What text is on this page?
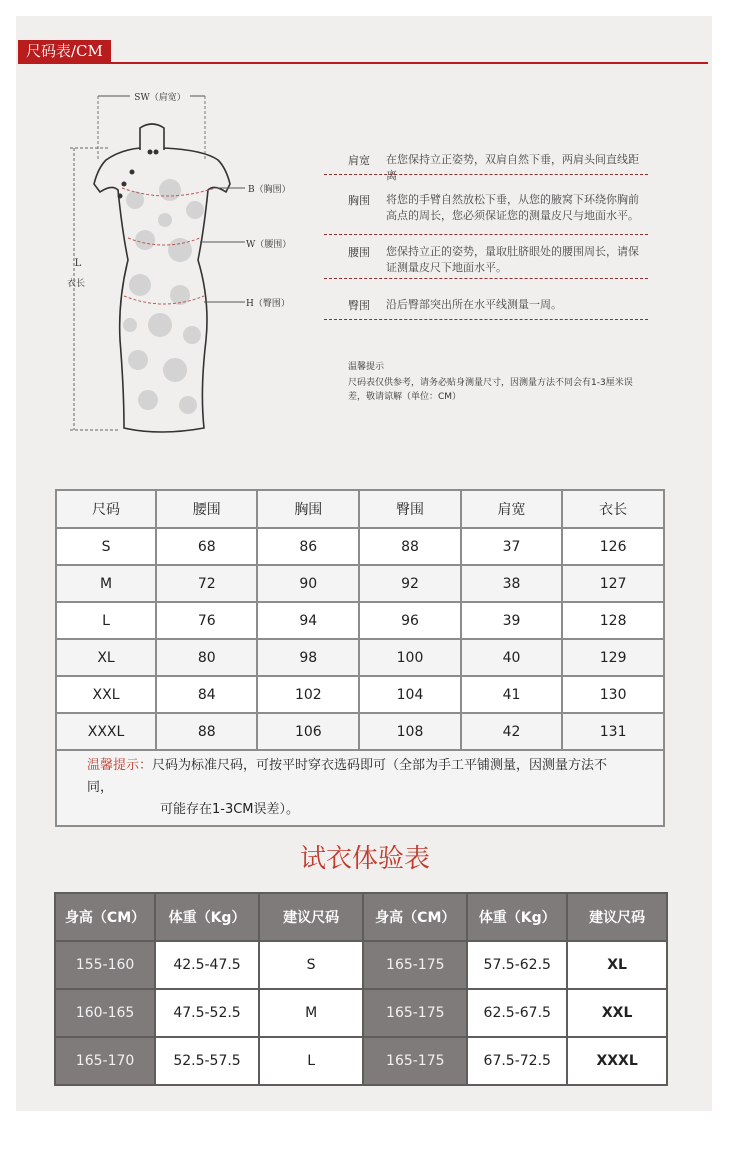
尺码表/CM
SW（肩宽）
L
衣长
B（胸围）
W（腰围）
H（臀围）
肩宽 在您保持立正姿势，双肩自然下垂，两肩头间直线距离
胸围 将您的手臂自然放松下垂，从您的腋窝下环绕你胸前高点的周长，您必须保证您的测量皮尺与地面水平。
腰围 您保持立正的姿势，量取肚脐眼处的腰围周长，请保证测量皮尺下地面水平。
臀围 沿后臀部突出所在水平线测量一周。
温馨提示
尺码表仅供参考，请务必贴身测量尺寸，因测量方法不同会有1-3厘米误差，敬请谅解（单位：CM）
尺码	腰围	胸围	臀围	肩宽	衣长
S	68	86	88	37	126
M	72	90	92	38	127
L	76	94	96	39	128
XL	80	98	100	40	129
XXL	84	102	104	41	130
XXXL	88	106	108	42	131
温馨提示：尺码为标准尺码，可按平时穿衣选码即可（全部为手工平铺测量，因测量方法不同，
可能存在1-3CM误差）。					
试衣体验表
身高（CM）	体重（Kg）	建议尺码	身高（CM）	体重（Kg）	建议尺码
155-160	42.5-47.5	S	165-175	57.5-62.5	XL
160-165	47.5-52.5	M	165-175	62.5-67.5	XXL
165-170	52.5-57.5	L	165-175	67.5-72.5	XXXL
